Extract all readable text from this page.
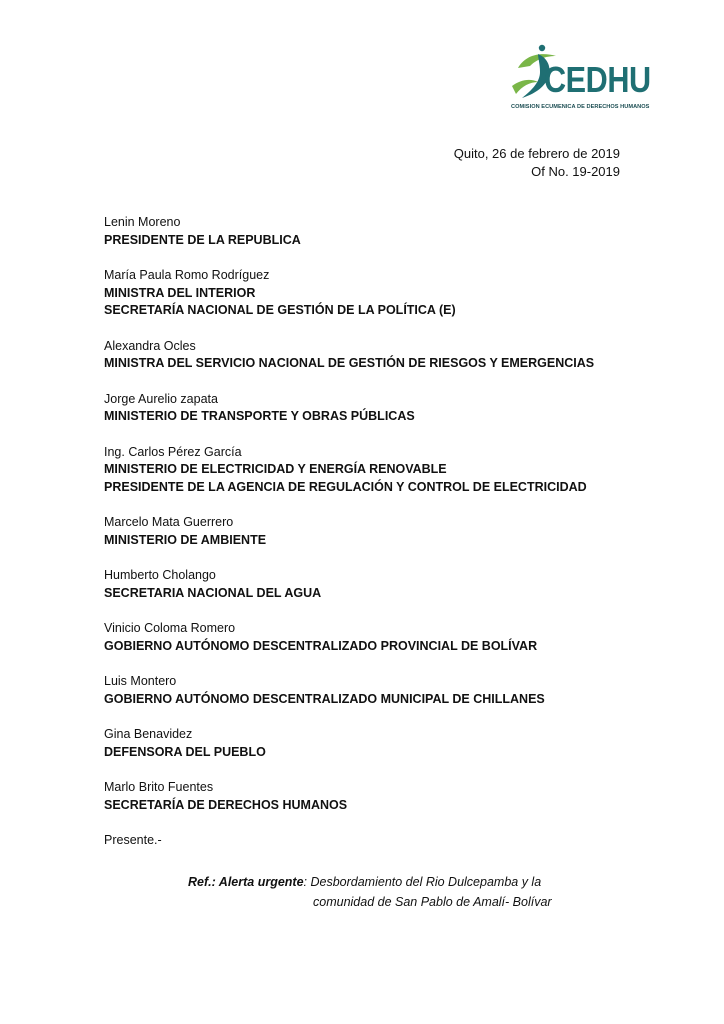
CEDHU
COMISION ECUMENICA DE DERECHOS HUMANOS
Quito, 26 de febrero de 2019
Of No. 19-2019
Lenin Moreno
PRESIDENTE DE LA REPUBLICA
María Paula Romo Rodríguez
MINISTRA DEL INTERIOR
SECRETARÍA NACIONAL DE GESTIÓN DE LA POLÍTICA (E)
Alexandra Ocles
MINISTRA DEL SERVICIO NACIONAL DE GESTIÓN DE RIESGOS Y EMERGENCIAS
Jorge Aurelio zapata
MINISTERIO DE TRANSPORTE Y OBRAS PÚBLICAS
Ing. Carlos Pérez García
MINISTERIO DE ELECTRICIDAD Y ENERGÍA RENOVABLE
PRESIDENTE DE LA AGENCIA DE REGULACIÓN Y CONTROL DE ELECTRICIDAD
Marcelo Mata Guerrero
MINISTERIO DE AMBIENTE
Humberto Cholango
SECRETARIA NACIONAL DEL AGUA
Vinicio Coloma Romero
GOBIERNO AUTÓNOMO DESCENTRALIZADO PROVINCIAL DE BOLÍVAR
Luis Montero
GOBIERNO AUTÓNOMO DESCENTRALIZADO MUNICIPAL DE CHILLANES
Gina Benavidez
DEFENSORA DEL PUEBLO
Marlo Brito Fuentes
SECRETARÍA DE DERECHOS HUMANOS
Presente.-
Ref.: Alerta urgente: Desbordamiento del Rio Dulcepamba y la
comunidad de San Pablo de Amalí- Bolívar
